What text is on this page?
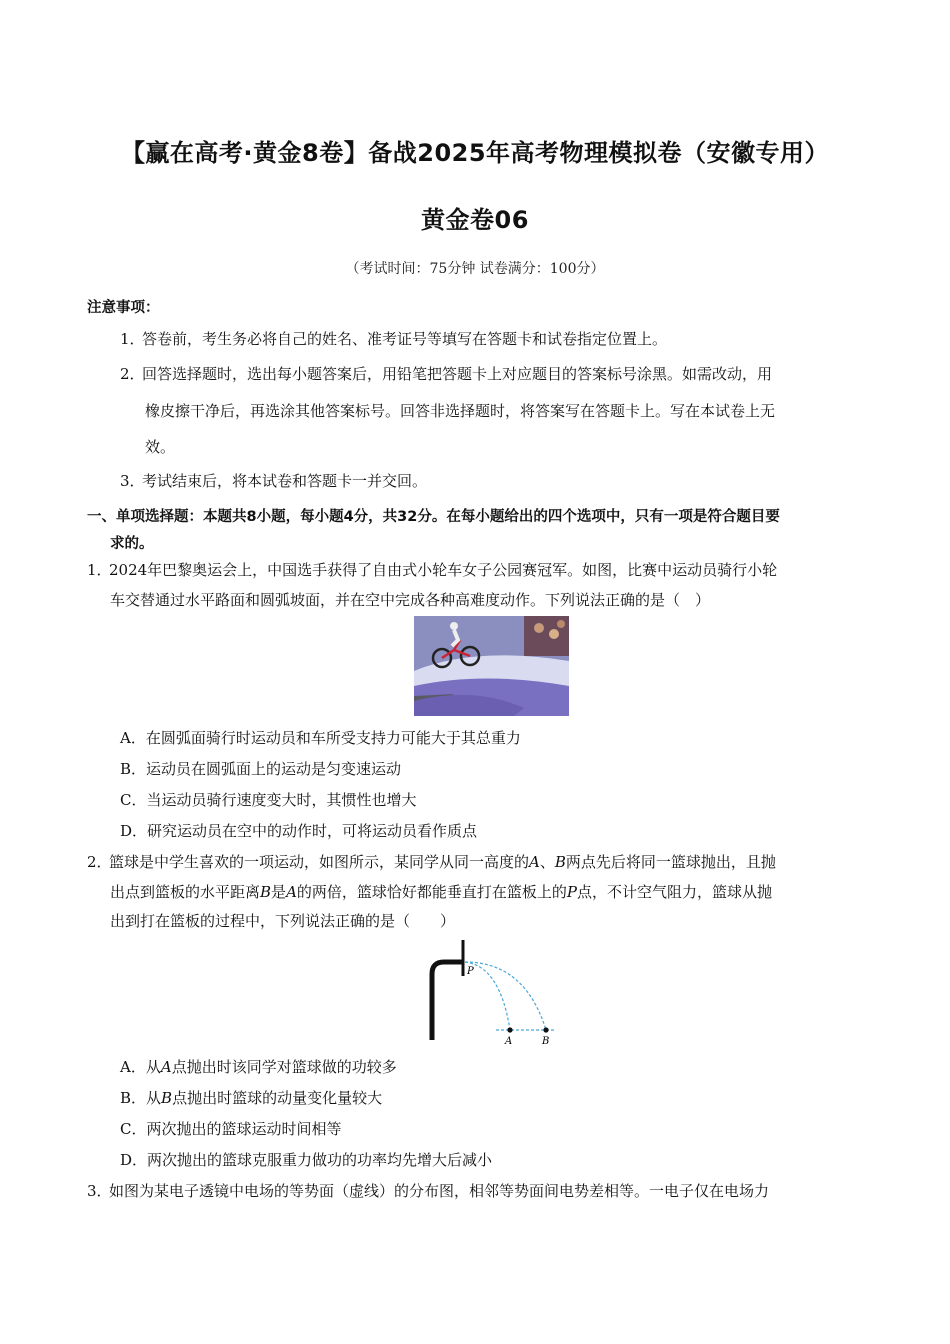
【赢在高考·黄金8卷】备战2025年高考物理模拟卷（安徽专用）
黄金卷06
（考试时间：75分钟 试卷满分：100分）
注意事项：
1．答卷前，考生务必将自己的姓名、准考证号等填写在答题卡和试卷指定位置上。
2．回答选择题时，选出每小题答案后，用铅笔把答题卡上对应题目的答案标号涂黑。如需改动，用
橡皮擦干净后，再选涂其他答案标号。回答非选择题时，将答案写在答题卡上。写在本试卷上无
效。
3．考试结束后，将本试卷和答题卡一并交回。
一、单项选择题：本题共8小题，每小题4分，共32分。在每小题给出的四个选项中，只有一项是符合题目要
求的。
1．2024年巴黎奥运会上，中国选手获得了自由式小轮车女子公园赛冠军。如图，比赛中运动员骑行小轮
车交替通过水平路面和圆弧坡面，并在空中完成各种高难度动作。下列说法正确的是（　）
A．在圆弧面骑行时运动员和车所受支持力可能大于其总重力
B．运动员在圆弧面上的运动是匀变速运动
C．当运动员骑行速度变大时，其惯性也增大
D．研究运动员在空中的动作时，可将运动员看作质点
2．篮球是中学生喜欢的一项运动，如图所示，某同学从同一高度的A、B两点先后将同一篮球抛出，且抛
出点到篮板的水平距离B是A的两倍，篮球恰好都能垂直打在篮板上的P点，不计空气阻力，篮球从抛
出到打在篮板的过程中，下列说法正确的是（　　）
P
A	B
A．从A点抛出时该同学对篮球做的功较多
B．从B点抛出时篮球的动量变化量较大
C．两次抛出的篮球运动时间相等
D．两次抛出的篮球克服重力做功的功率均先增大后减小
3．如图为某电子透镜中电场的等势面（虚线）的分布图，相邻等势面间电势差相等。一电子仅在电场力
